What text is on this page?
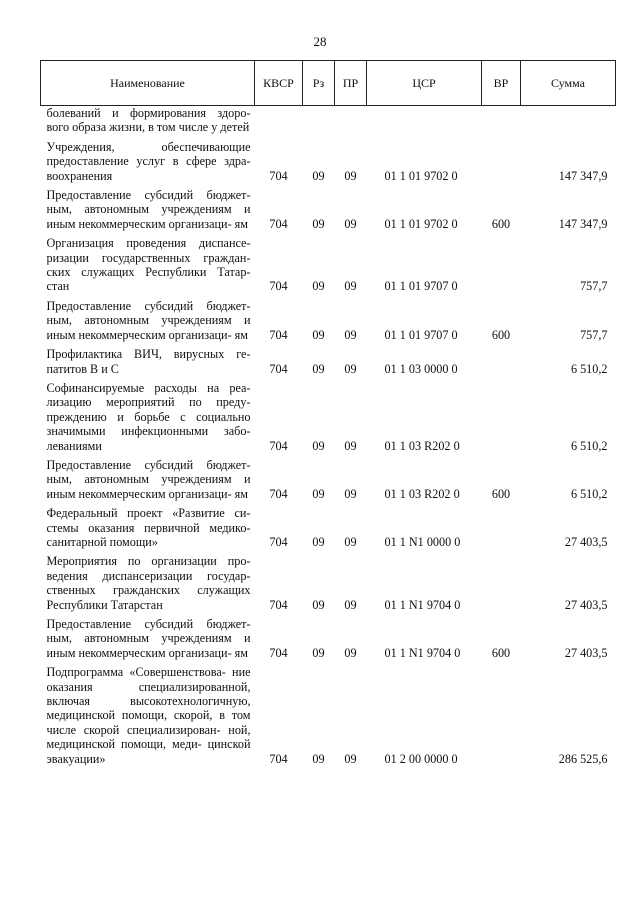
28
Наименование	КВСР	Рз	ПР	ЦСР	ВР	Сумма
болеваний и формирования здоро- вого образа жизни, в том числе у детей						
Учреждения, обеспечивающие предоставление услуг в сфере здра- воохранения	704	09	09	01 1 01 9702 0		147 347,9
Предоставление субсидий бюджет- ным, автономным учреждениям и иным некоммерческим организаци- ям	704	09	09	01 1 01 9702 0	600	147 347,9
Организация проведения диспансе- ризации государственных граждан- ских служащих Республики Татар- стан	704	09	09	01 1 01 9707 0		757,7
Предоставление субсидий бюджет- ным, автономным учреждениям и иным некоммерческим организаци- ям	704	09	09	01 1 01 9707 0	600	757,7
Профилактика ВИЧ, вирусных ге- патитов В и С	704	09	09	01 1 03 0000 0		6 510,2
Софинансируемые расходы на реа- лизацию мероприятий по преду- преждению и борьбе с социально значимыми инфекционными забо- леваниями	704	09	09	01 1 03 R202 0		6 510,2
Предоставление субсидий бюджет- ным, автономным учреждениям и иным некоммерческим организаци- ям	704	09	09	01 1 03 R202 0	600	6 510,2
Федеральный проект «Развитие си- стемы оказания первичной медико- санитарной помощи»	704	09	09	01 1 N1 0000 0		27 403,5
Мероприятия по организации про- ведения диспансеризации государ- ственных гражданских служащих Республики Татарстан	704	09	09	01 1 N1 9704 0		27 403,5
Предоставление субсидий бюджет- ным, автономным учреждениям и иным некоммерческим организаци- ям	704	09	09	01 1 N1 9704 0	600	27 403,5
Подпрограмма «Совершенствова- ние оказания специализированной, включая высокотехнологичную, медицинской помощи, скорой, в том числе скорой специализирован- ной, медицинской помощи, меди- цинской эвакуации»	704	09	09	01 2 00 0000 0		286 525,6
